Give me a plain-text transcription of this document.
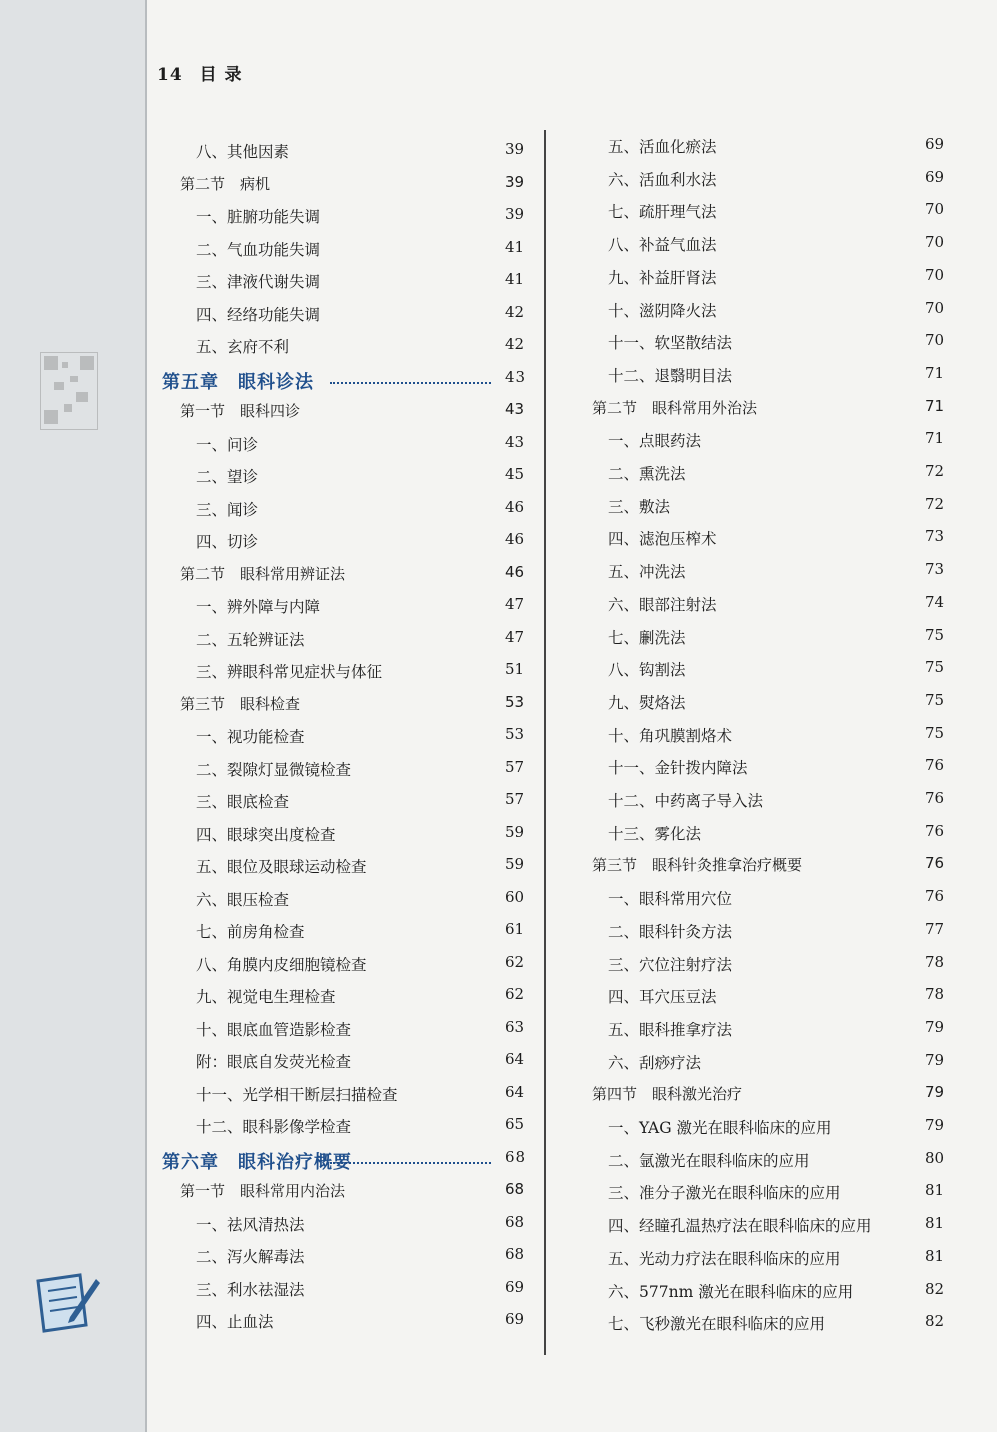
14 目 录
八、其他因素	39
第二节　病机	39
一、脏腑功能失调	39
二、气血功能失调	41
三、津液代谢失调	41
四、经络功能失调	42
五、玄府不利	42
第五章　眼科诊法	43
第一节　眼科四诊	43
一、问诊	43
二、望诊	45
三、闻诊	46
四、切诊	46
第二节　眼科常用辨证法	46
一、辨外障与内障	47
二、五轮辨证法	47
三、辨眼科常见症状与体征	51
第三节　眼科检查	53
一、视功能检查	53
二、裂隙灯显微镜检查	57
三、眼底检查	57
四、眼球突出度检查	59
五、眼位及眼球运动检查	59
六、眼压检查	60
七、前房角检查	61
八、角膜内皮细胞镜检查	62
九、视觉电生理检查	62
十、眼底血管造影检查	63
附：眼底自发荧光检查	64
十一、光学相干断层扫描检查	64
十二、眼科影像学检查	65
第六章　眼科治疗概要	68
第一节　眼科常用内治法	68
一、祛风清热法	68
二、泻火解毒法	68
三、利水祛湿法	69
四、止血法	69
五、活血化瘀法	69
六、活血利水法	69
七、疏肝理气法	70
八、补益气血法	70
九、补益肝肾法	70
十、滋阴降火法	70
十一、软坚散结法	70
十二、退翳明目法	71
第二节　眼科常用外治法	71
一、点眼药法	71
二、熏洗法	72
三、敷法	72
四、滤泡压榨术	73
五、冲洗法	73
六、眼部注射法	74
七、劆洗法	75
八、钩割法	75
九、熨烙法	75
十、角巩膜割烙术	75
十一、金针拨内障法	76
十二、中药离子导入法	76
十三、雾化法	76
第三节　眼科针灸推拿治疗概要	76
一、眼科常用穴位	76
二、眼科针灸方法	77
三、穴位注射疗法	78
四、耳穴压豆法	78
五、眼科推拿疗法	79
六、刮痧疗法	79
第四节　眼科激光治疗	79
一、YAG 激光在眼科临床的应用	79
二、氩激光在眼科临床的应用	80
三、准分子激光在眼科临床的应用	81
四、经瞳孔温热疗法在眼科临床的应用	81
五、光动力疗法在眼科临床的应用	81
六、577nm 激光在眼科临床的应用	82
七、飞秒激光在眼科临床的应用	82
